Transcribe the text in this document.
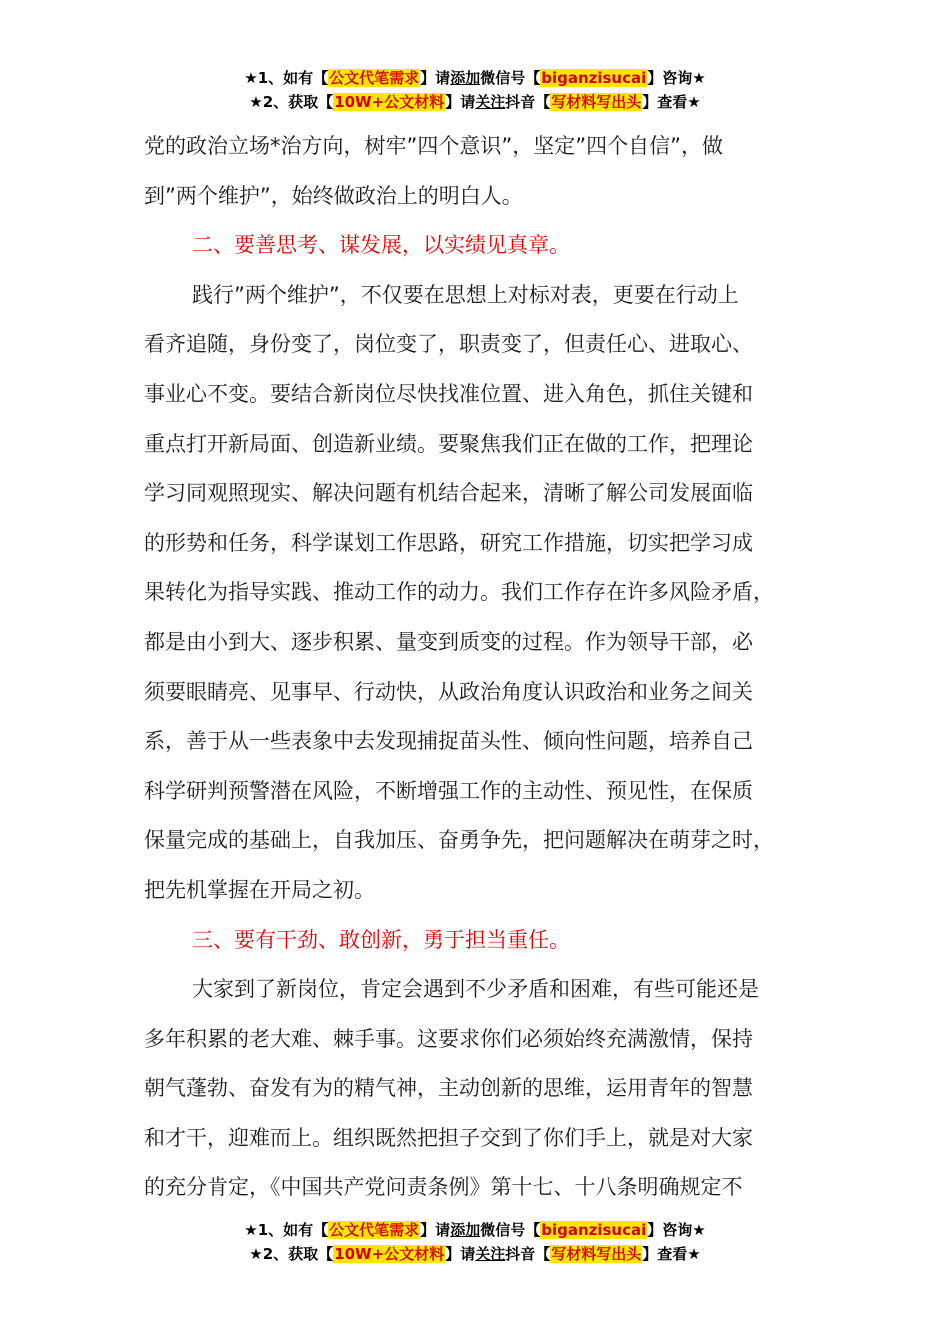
★1、如有【公文代笔需求】请添加微信号【biganzisucai】咨询★
★2、获取【10W+公文材料】请关注抖音【写材料写出头】查看★

党的政治立场*治方向，树牢”四个意识”，坚定”四个自信”，做

到”两个维护”，始终做政治上的明白人。

二、要善思考、谋发展，以实绩见真章。

践行”两个维护”，不仅要在思想上对标对表，更要在行动上

看齐追随，身份变了，岗位变了，职责变了，但责任心、进取心、

事业心不变。要结合新岗位尽快找准位置、进入角色，抓住关键和

重点打开新局面、创造新业绩。要聚焦我们正在做的工作，把理论

学习同观照现实、解决问题有机结合起来，清晰了解公司发展面临

的形势和任务，科学谋划工作思路，研究工作措施，切实把学习成

果转化为指导实践、推动工作的动力。我们工作存在许多风险矛盾，

都是由小到大、逐步积累、量变到质变的过程。作为领导干部，必

须要眼睛亮、见事早、行动快，从政治角度认识政治和业务之间关

系，善于从一些表象中去发现捕捉苗头性、倾向性问题，培养自己

科学研判预警潜在风险，不断增强工作的主动性、预见性，在保质

保量完成的基础上，自我加压、奋勇争先，把问题解决在萌芽之时，

把先机掌握在开局之初。

三、要有干劲、敢创新，勇于担当重任。

大家到了新岗位，肯定会遇到不少矛盾和困难，有些可能还是

多年积累的老大难、棘手事。这要求你们必须始终充满激情，保持

朝气蓬勃、奋发有为的精气神，主动创新的思维，运用青年的智慧

和才干，迎难而上。组织既然把担子交到了你们手上，就是对大家

的充分肯定，《中国共产党问责条例》第十七、十八条明确规定不

★1、如有【公文代笔需求】请添加微信号【biganzisucai】咨询★
★2、获取【10W+公文材料】请关注抖音【写材料写出头】查看★
